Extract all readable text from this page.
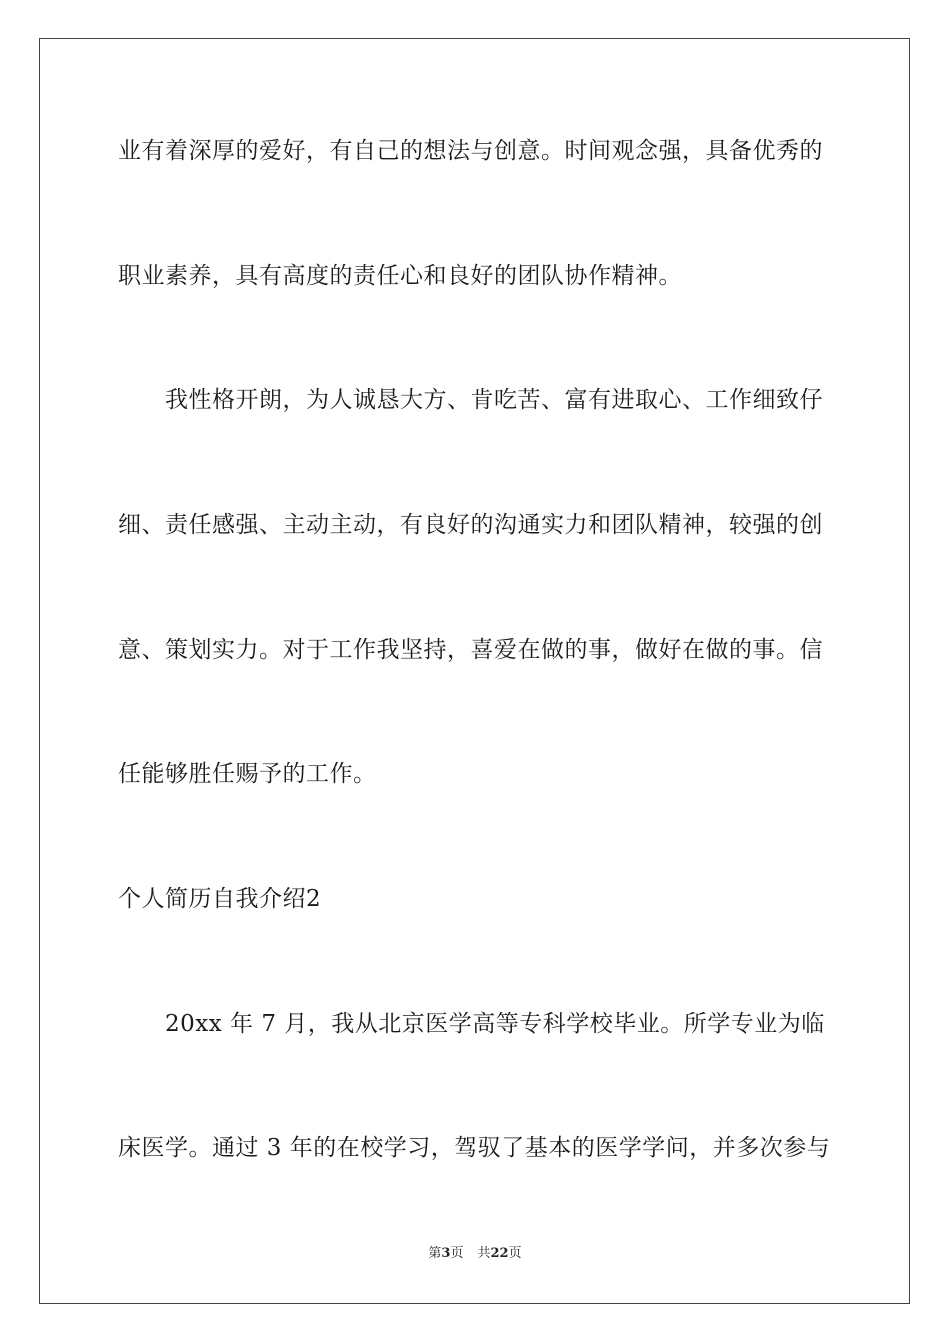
业有着深厚的爱好，有自己的想法与创意。时间观念强，具备优秀的
职业素养，具有高度的责任心和良好的团队协作精神。
我性格开朗，为人诚恳大方、肯吃苦、富有进取心、工作细致仔
细、责任感强、主动主动，有良好的沟通实力和团队精神，较强的创
意、策划实力。对于工作我坚持，喜爱在做的事，做好在做的事。信
任能够胜任赐予的工作。
个人简历自我介绍2
20xx 年 7 月，我从北京医学高等专科学校毕业。所学专业为临
床医学。通过 3 年的在校学习，驾驭了基本的医学学问，并多次参与
第3页 共22页
